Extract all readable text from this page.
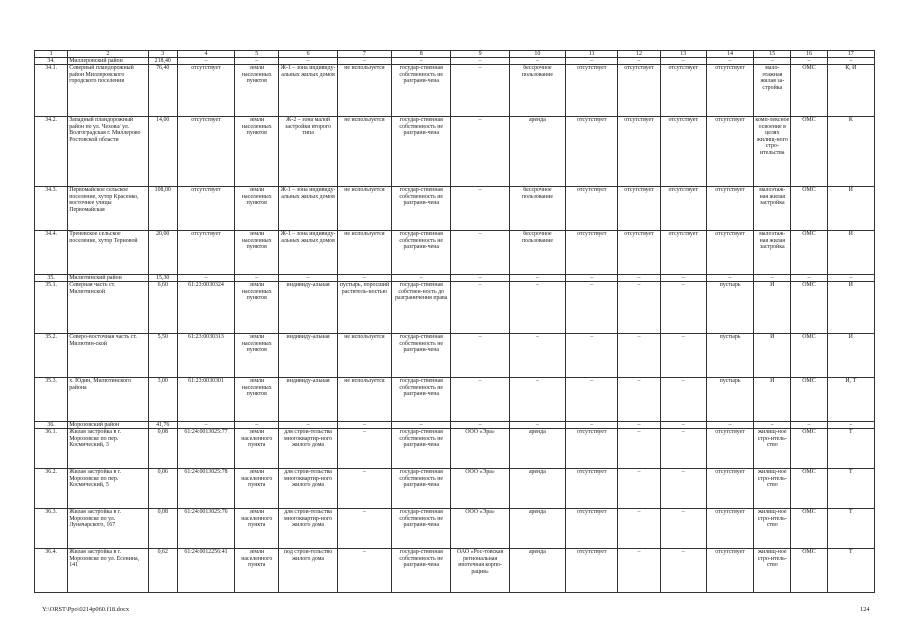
1	2	3	4	5	6	7	8	9	10	11	12	13	14	15	16	17
34.	Миллеровский район	218,40	–	–	–	–	–	–	–	–	–	–	–	–	–	–
34.1.	Северный пландорожный район Миллеровского городского поселения	76,40	отсутствует	земли населенных пунктов	Ж-1 – зона индивиду-альных жилых домов	не используется	государ-ственная собственность не разграни-чена	–	бессрочное пользование	отсутствует	отсутствует	отсутствует	отсутствует	мало-этажная жилая за-стройка	ОМС	К, И
34.2.	Западный пландорожный район по ул. Чехова/ ул. Волгоградская г. Миллерово Ростовской области	14,00	отсутствует	земли населенных пунктов	Ж-2 – зона малой застройки второго типа	не используется	государ-ственная собственность не разграни-чена	–	аренда	отсутствует	отсутствует	отсутствует	отсутствует	комп-лексное освоение в целях жилищ-ного стро-ительства	ОМС	К
34.3.	Первомайское сельское поселение, хутор Красенко, восточнее улицы Первомайская	108,00	отсутствует	земли населенных пунктов	Ж-1 – зона индивиду-альных жилых домов	не используется	государ-ственная собственность не разграни-чена	–	бессрочное пользование	отсутствует	отсутствует	отсутствует	отсутствует	малоэтаж-ная жилая застройка	ОМС	И
34.4.	Треневское сельское поселение, хутор Терновой	20,00	отсутствует	земли населенных пунктов	Ж-1 – зона индивиду-альных жилых домов	не используется	государ-ственная собственность не разграни-чена	–	бессрочное пользование	отсутствует	отсутствует	отсутствует	отсутствует	малоэтаж-ная жилая застройка	ОМС	И
35.	Милютинский район	15,30	–	–	–	–	–	–	–	–	–	–	–	–	–	–
35.1.	Северная часть ст. Милютинской	6,60	61:23:0030324	земли населенных пунктов	индивиду-альная	пустырь, поросший раститель-ностью	государ-ственная собствен-ность до разграничения права	–	–	–	–	–	пустырь	И	ОМС	И
35.2.	Северо-восточная часть ст. Милютин-ской	5,50	61:23:0030313	земли населенных пунктов	индивиду-альная	не используется	государ-ственная собственность не разграни-чена	–	–	–	–	–	пустырь	И	ОМС	И
35.3.	х. Юдин, Милютинского района	3,00	61:23:0030301	земли населенных пунктов	индивиду-альная	не используется	государ-ственная собственность не разграни-чена	–	–	–	–	–	пустырь	И	ОМС	И, Т
36.	Морозовский район	41,76	–	–	–	–	–	–	–	–	–	–	–	–	–	–
36.1.	Жилая застройка в г. Морозовске по пер. Космический, 3	0,08	61:24:0013025:77	земли населенного пункта	для строи-тельства многоквартир-ного жилого дома	–	государ-ственная собственность не разграни-чена	ООО «Эра»	аренда	отсутствует	–	–	отсутствует	жилищ-ное стро-итель-ство	ОМС	Т
36.2.	Жилая застройка в г. Морозовске по пер. Космический, 5	0,06	61:24:0013025:78	земли населенного пункта	для строи-тельства многоквартир-ного жилого дома	–	государ-ственная собственность не разграни-чена	ООО «Эра»	аренда	отсутствует	–	–	отсутствует	жилищ-ное стро-итель-ство	ОМС	Т
36.3.	Жилая застройка в г. Морозовске по ул. Луначарского, 167	0,08	61:24:0013025:76	земли населенного пункта	для строи-тельства многоквартир-ного жилого дома	–	государ-ственная собственность не разграни-чена	ООО «Эра»	аренда	отсутствует	–	–	отсутствует	жилищ-ное стро-итель-ство	ОМС	Т
36.4.	Жилая застройка в г. Морозовске по ул. Есенина, 141	0,62	61:24:0012256:41	земли населенного пункта	под строи-тельство жилого дома	–	государ-ственная собственность не разграни-чена	ОАО «Рос-товская региональная ипотечная корпо-рация»	аренда	отсутствует	–	–	отсутствует	жилищ-ное стро-итель-ство	ОМС	Т
Y:\ORST\Ppo\0214p060.f18.docx	124
